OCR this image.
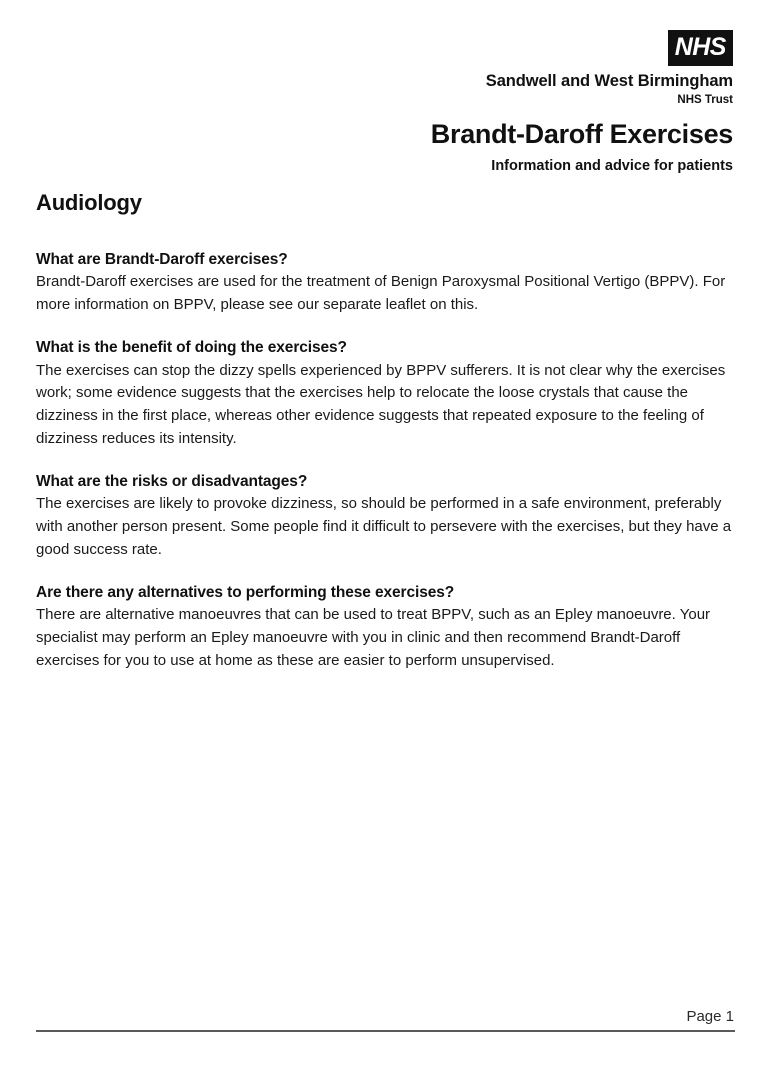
NHS
Sandwell and West Birmingham
NHS Trust
Brandt-Daroff Exercises
Information and advice for patients
Audiology
What are Brandt-Daroff exercises?

Brandt-Daroff exercises are used for the treatment of Benign Paroxysmal Positional Vertigo (BPPV). For more information on BPPV, please see our separate leaflet on this.

What is the benefit of doing the exercises?

The exercises can stop the dizzy spells experienced by BPPV sufferers. It is not clear why the exercises work; some evidence suggests that the exercises help to relocate the loose crystals that cause the dizziness in the first place, whereas other evidence suggests that repeated exposure to the feeling of dizziness reduces its intensity.

What are the risks or disadvantages?

The exercises are likely to provoke dizziness, so should be performed in a safe environment, preferably with another person present. Some people find it difficult to persevere with the exercises, but they have a good success rate.

Are there any alternatives to performing these exercises?

There are alternative manoeuvres that can be used to treat BPPV, such as an Epley manoeuvre. Your specialist may perform an Epley manoeuvre with you in clinic and then recommend Brandt-Daroff exercises for you to use at home as these are easier to perform unsupervised.

Page 1
